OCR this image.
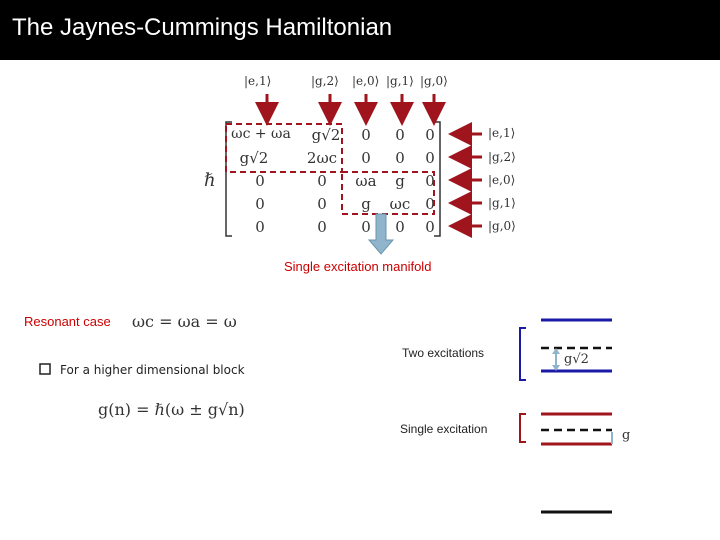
The Jaynes-Cummings Hamiltonian
|e,1⟩	|g,2⟩ |e,0⟩ |g,1⟩ |g,0⟩
|e,1⟩
|g,2⟩
|e,0⟩
|g,1⟩
|g,0⟩
ℏ
ωc + ωa	g√2	0	0	0
g√2	2ωc	0	0	0
0	0	ωa	g	0
0	0	g	ωc 0
0	0	0	0	0
Single excitation manifold
Resonant case ωc = ωa = ω
For a higher dimensional block
g(n) = ℏ(ω ± g√n)
Two excitations
Single excitation
g√2
g
